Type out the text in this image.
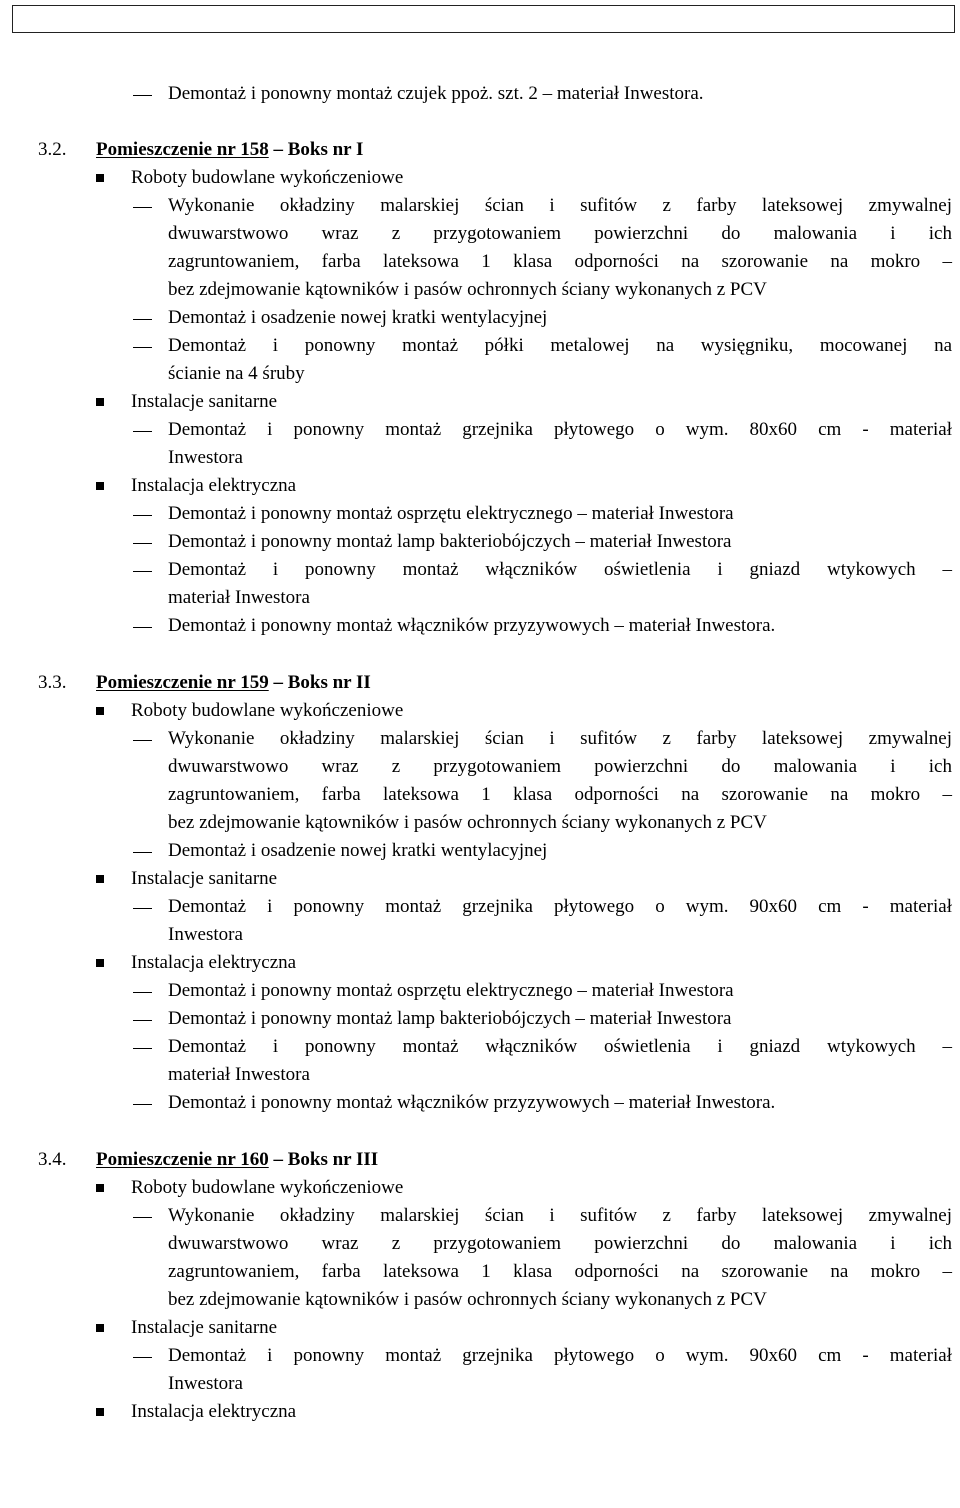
Demontaż i ponowny montaż czujek ppoż. szt. 2 – materiał Inwestora.
3.2. Pomieszczenie nr 158 – Boks nr I
Roboty budowlane wykończeniowe
Wykonanie okładziny malarskiej ścian i sufitów z farby lateksowej zmywalnej
dwuwarstwowo wraz z przygotowaniem powierzchni do malowania i ich
zagruntowaniem, farba lateksowa 1 klasa odporności na szorowanie na mokro –
bez zdejmowanie kątowników i pasów ochronnych ściany wykonanych z PCV
Demontaż i osadzenie nowej kratki wentylacyjnej
Demontaż i ponowny montaż półki metalowej na wysięgniku, mocowanej na
ścianie na 4 śruby
Instalacje sanitarne
Demontaż i ponowny montaż grzejnika płytowego o wym. 80x60 cm - materiał
Inwestora
Instalacja elektryczna
Demontaż i ponowny montaż osprzętu elektrycznego – materiał Inwestora
Demontaż i ponowny montaż lamp bakteriobójczych – materiał Inwestora
Demontaż i ponowny montaż włączników oświetlenia i gniazd wtykowych –
materiał Inwestora
Demontaż i ponowny montaż włączników przyzywowych – materiał Inwestora.
3.3. Pomieszczenie nr 159 – Boks nr II
Roboty budowlane wykończeniowe
Wykonanie okładziny malarskiej ścian i sufitów z farby lateksowej zmywalnej
dwuwarstwowo wraz z przygotowaniem powierzchni do malowania i ich
zagruntowaniem, farba lateksowa 1 klasa odporności na szorowanie na mokro –
bez zdejmowanie kątowników i pasów ochronnych ściany wykonanych z PCV
Demontaż i osadzenie nowej kratki wentylacyjnej
Instalacje sanitarne
Demontaż i ponowny montaż grzejnika płytowego o wym. 90x60 cm - materiał
Inwestora
Instalacja elektryczna
Demontaż i ponowny montaż osprzętu elektrycznego – materiał Inwestora
Demontaż i ponowny montaż lamp bakteriobójczych – materiał Inwestora
Demontaż i ponowny montaż włączników oświetlenia i gniazd wtykowych –
materiał Inwestora
Demontaż i ponowny montaż włączników przyzywowych – materiał Inwestora.
3.4. Pomieszczenie nr 160 – Boks nr III
Roboty budowlane wykończeniowe
Wykonanie okładziny malarskiej ścian i sufitów z farby lateksowej zmywalnej
dwuwarstwowo wraz z przygotowaniem powierzchni do malowania i ich
zagruntowaniem, farba lateksowa 1 klasa odporności na szorowanie na mokro –
bez zdejmowanie kątowników i pasów ochronnych ściany wykonanych z PCV
Instalacje sanitarne
Demontaż i ponowny montaż grzejnika płytowego o wym. 90x60 cm - materiał
Inwestora
Instalacja elektryczna
